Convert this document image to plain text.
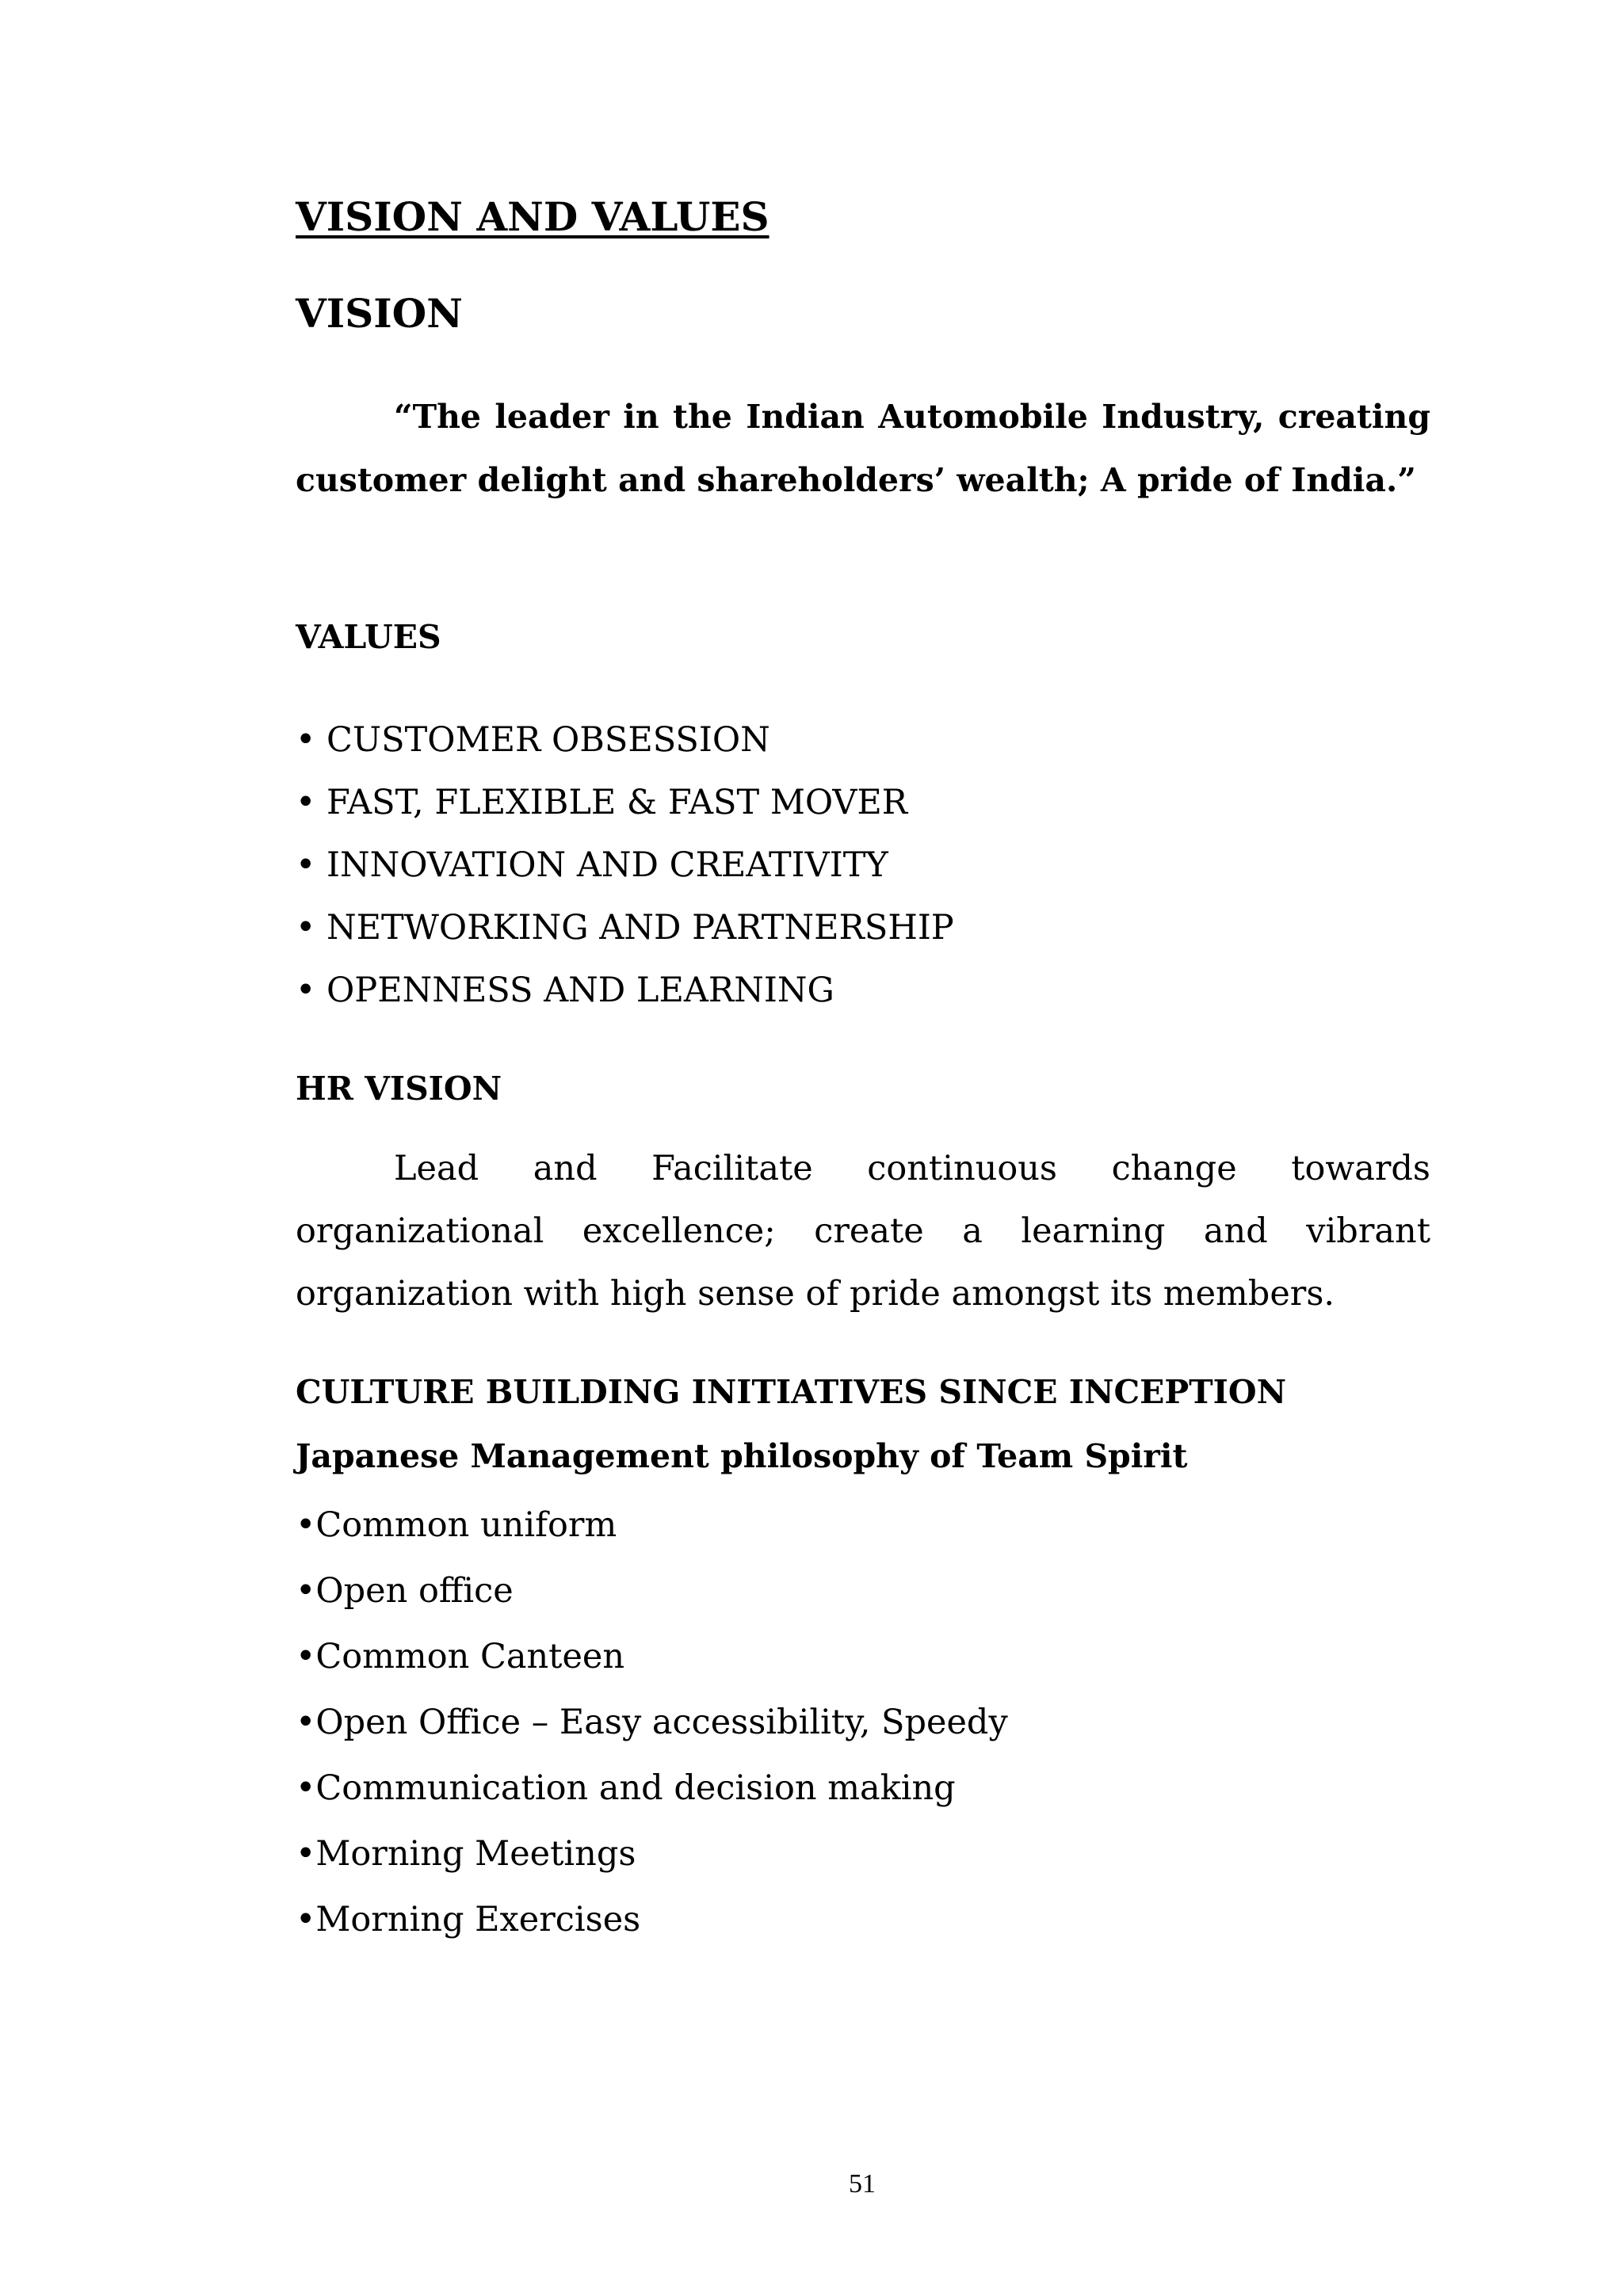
VISION AND VALUES
VISION
“The leader in the Indian Automobile Industry, creating customer delight and shareholders’ wealth; A pride of India.”
VALUES
• CUSTOMER OBSESSION
• FAST, FLEXIBLE & FAST MOVER
• INNOVATION AND CREATIVITY
• NETWORKING AND PARTNERSHIP
• OPENNESS AND LEARNING
HR VISION
Lead and Facilitate continuous change towards organizational excellence; create a learning and vibrant organization with high sense of pride amongst its members.
CULTURE BUILDING INITIATIVES SINCE INCEPTION
Japanese Management philosophy of Team Spirit
•Common uniform
•Open office
•Common Canteen
•Open Office – Easy accessibility, Speedy
•Communication and decision making
•Morning Meetings
•Morning Exercises
51
